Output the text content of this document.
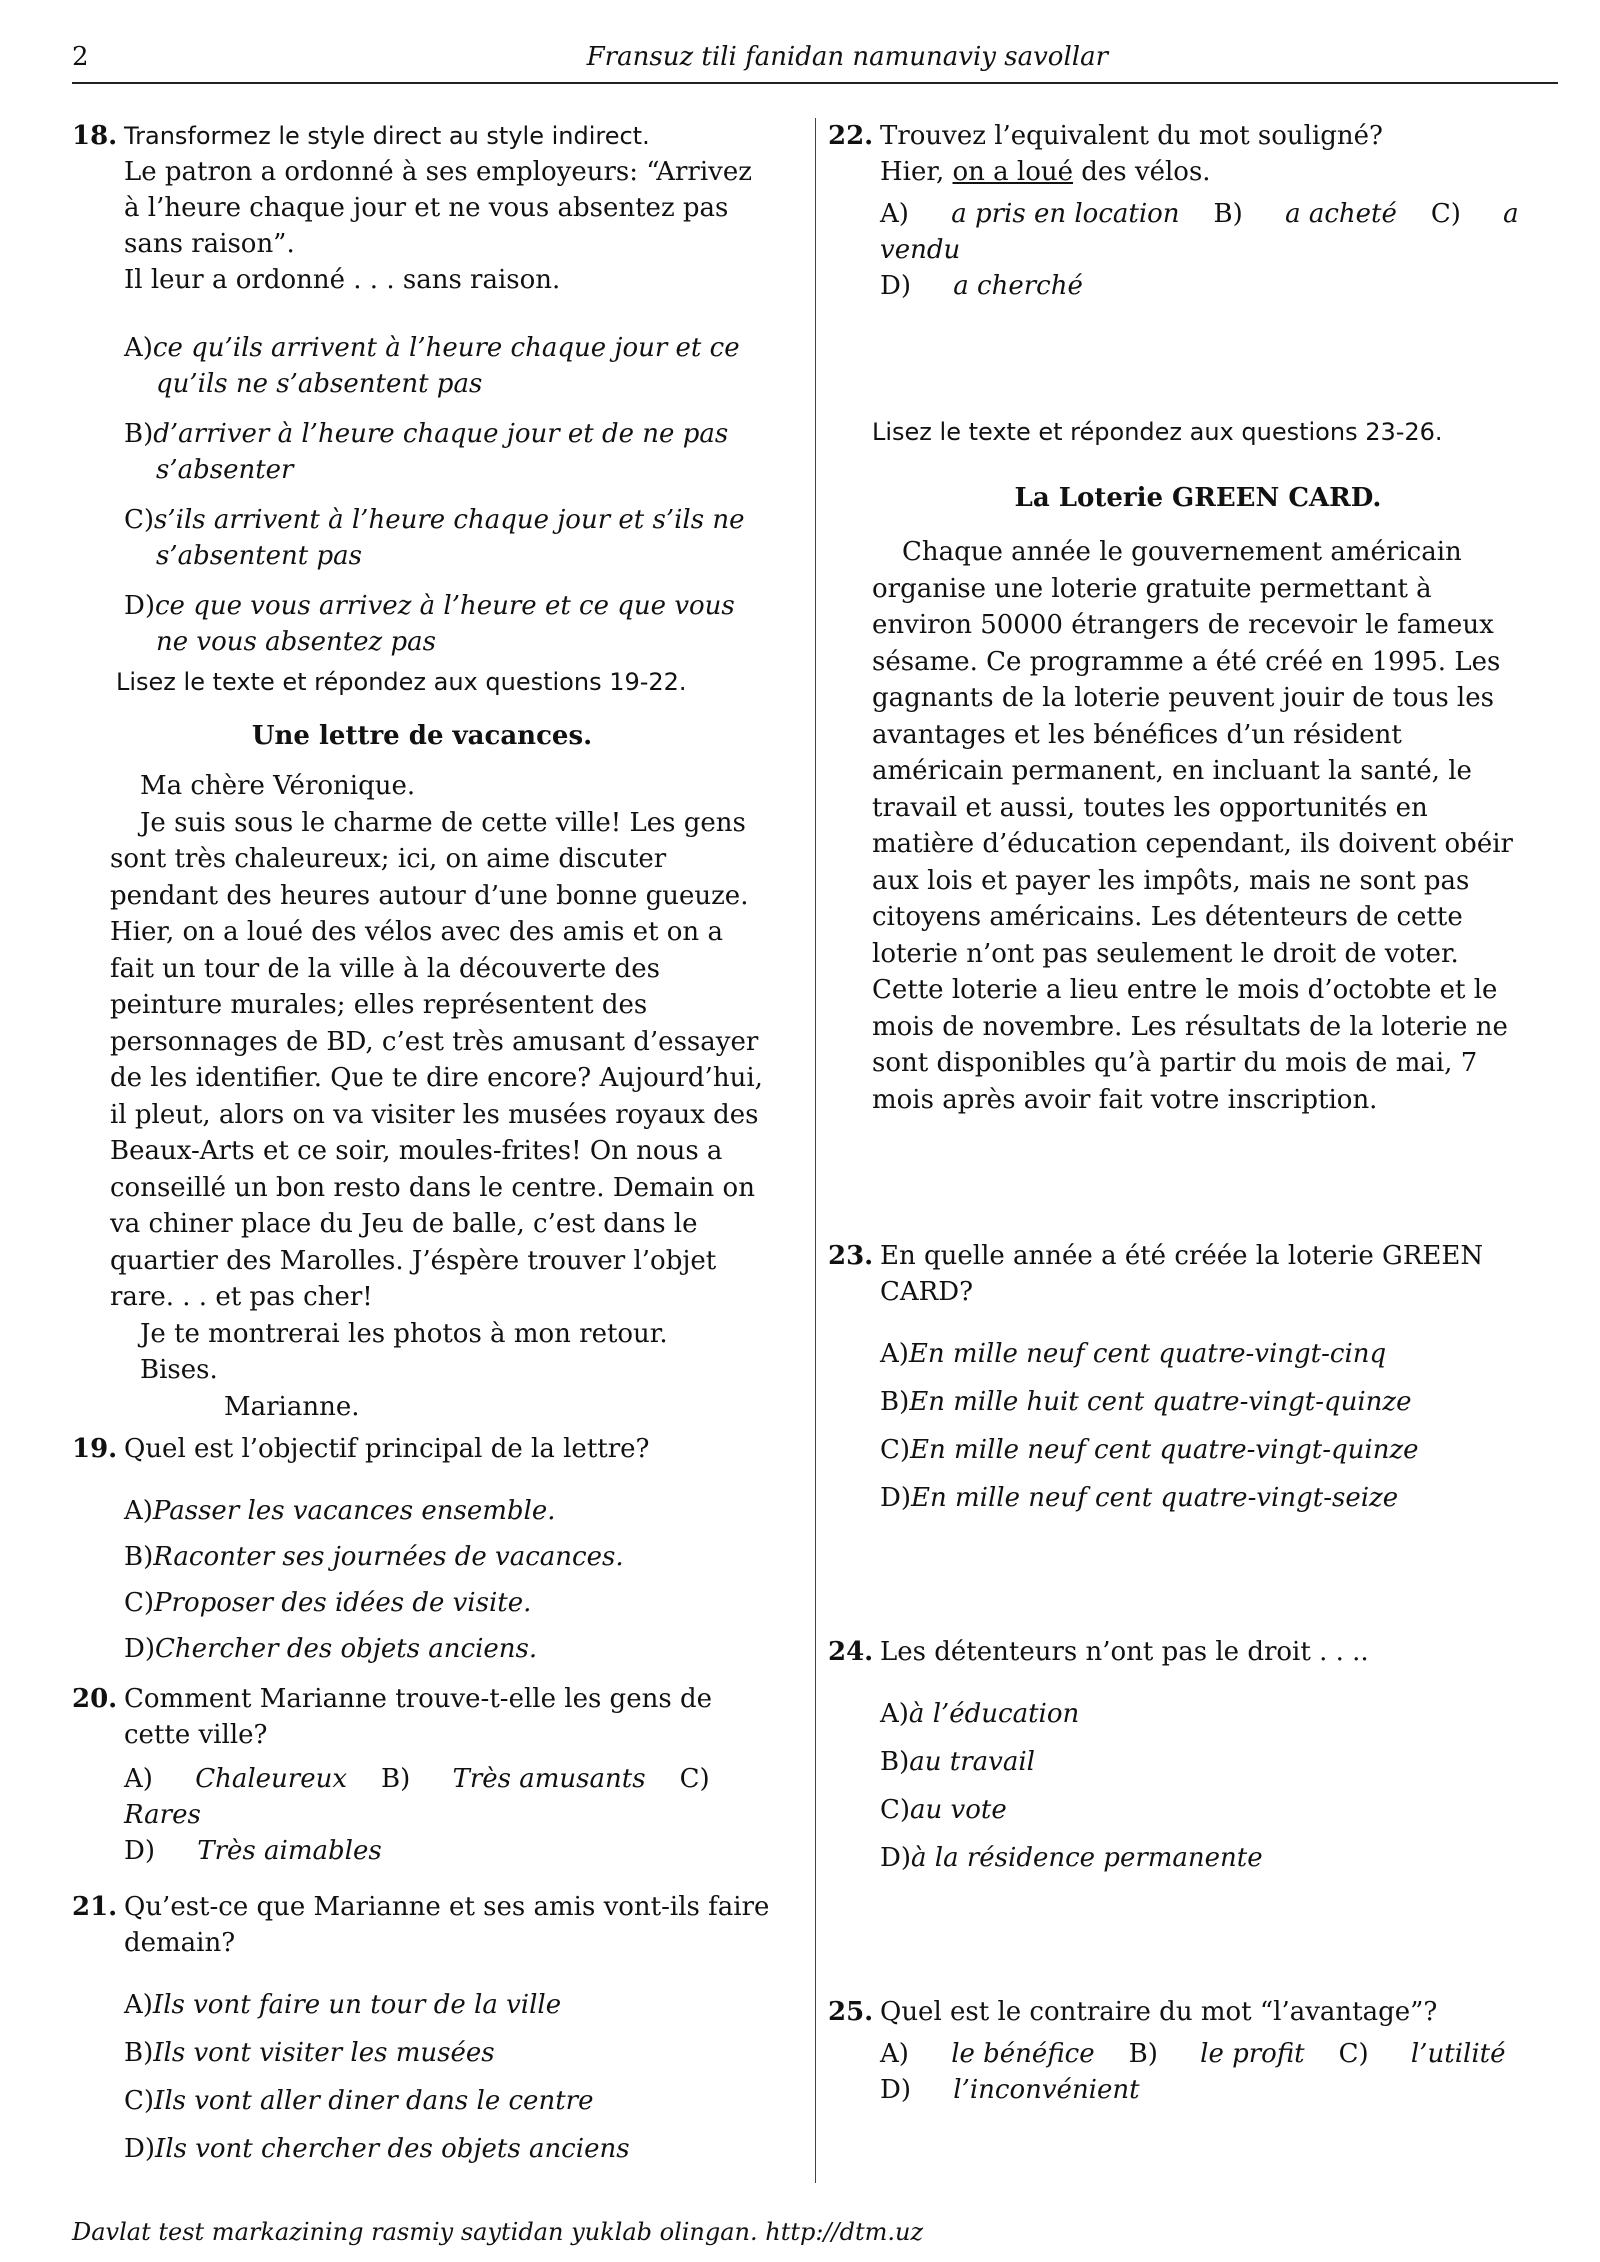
2	Fransuz tili fanidan namunaviy savollar
18. Transformez le style direct au style indirect.
Le patron a ordonné à ses employeurs: “Arrivez à l’heure chaque jour et ne vous absentez pas sans raison”.
Il leur a ordonné . . . sans raison.
A)ce qu’ils arrivent à l’heure chaque jour et ce qu’ils ne s’absentent pas
B)d’arriver à l’heure chaque jour et de ne pas s’absenter
C)s’ils arrivent à l’heure chaque jour et s’ils ne s’absentent pas
D)ce que vous arrivez à l’heure et ce que vous ne vous absentez pas
Lisez le texte et répondez aux questions 19-22.
Une lettre de vacances.

Ma chère Véronique.

Je suis sous le charme de cette ville! Les gens sont très chaleureux; ici, on aime discuter pendant des heures autour d’une bonne gueuze. Hier, on a loué des vélos avec des amis et on a fait un tour de la ville à la découverte des peinture murales; elles représentent des personnages de BD, c’est très amusant d’essayer de les identifier. Que te dire encore? Aujourd’hui, il pleut, alors on va visiter les musées royaux des Beaux-Arts et ce soir, moules-frites! On nous a conseillé un bon resto dans le centre. Demain on va chiner place du Jeu de balle, c’est dans le quartier des Marolles. J’éspère trouver l’objet rare. . . et pas cher!

Je te montrerai les photos à mon retour.

Bises.

Marianne.

19. Quel est l’objectif principal de la lettre?
A)Passer les vacances ensemble.
B)Raconter ses journées de vacances.
C)Proposer des idées de visite.
D)Chercher des objets anciens.
20. Comment Marianne trouve-t-elle les gens de cette ville?
A) Chaleureux B) Très amusants C) Rares
D) Très aimables
21. Qu’est-ce que Marianne et ses amis vont-ils faire demain?
A)Ils vont faire un tour de la ville
B)Ils vont visiter les musées
C)Ils vont aller diner dans le centre
D)Ils vont chercher des objets anciens
22. Trouvez l’equivalent du mot souligné?
Hier, on a loué des vélos.
A) a pris en location B) a acheté C) a vendu
D) a cherché
Lisez le texte et répondez aux questions 23-26.
La Loterie GREEN CARD.

Chaque année le gouvernement américain organise une loterie gratuite permettant à environ 50000 étrangers de recevoir le fameux sésame. Ce programme a été créé en 1995. Les gagnants de la loterie peuvent jouir de tous les avantages et les bénéfices d’un résident américain permanent, en incluant la santé, le travail et aussi, toutes les opportunités en matière d’éducation cependant, ils doivent obéir aux lois et payer les impôts, mais ne sont pas citoyens américains. Les détenteurs de cette loterie n’ont pas seulement le droit de voter. Cette loterie a lieu entre le mois d’octobte et le mois de novembre. Les résultats de la loterie ne sont disponibles qu’à partir du mois de mai, 7 mois après avoir fait votre inscription.

23. En quelle année a été créée la loterie GREEN CARD?
A)En mille neuf cent quatre-vingt-cinq
B)En mille huit cent quatre-vingt-quinze
C)En mille neuf cent quatre-vingt-quinze
D)En mille neuf cent quatre-vingt-seize
24. Les détenteurs n’ont pas le droit . . ..
A)à l’éducation
B)au travail
C)au vote
D)à la résidence permanente
25. Quel est le contraire du mot “l’avantage”?
A) le bénéfice B) le profit C) l’utilité
D) l’inconvénient
Davlat test markazining rasmiy saytidan yuklab olingan. http://dtm.uz
